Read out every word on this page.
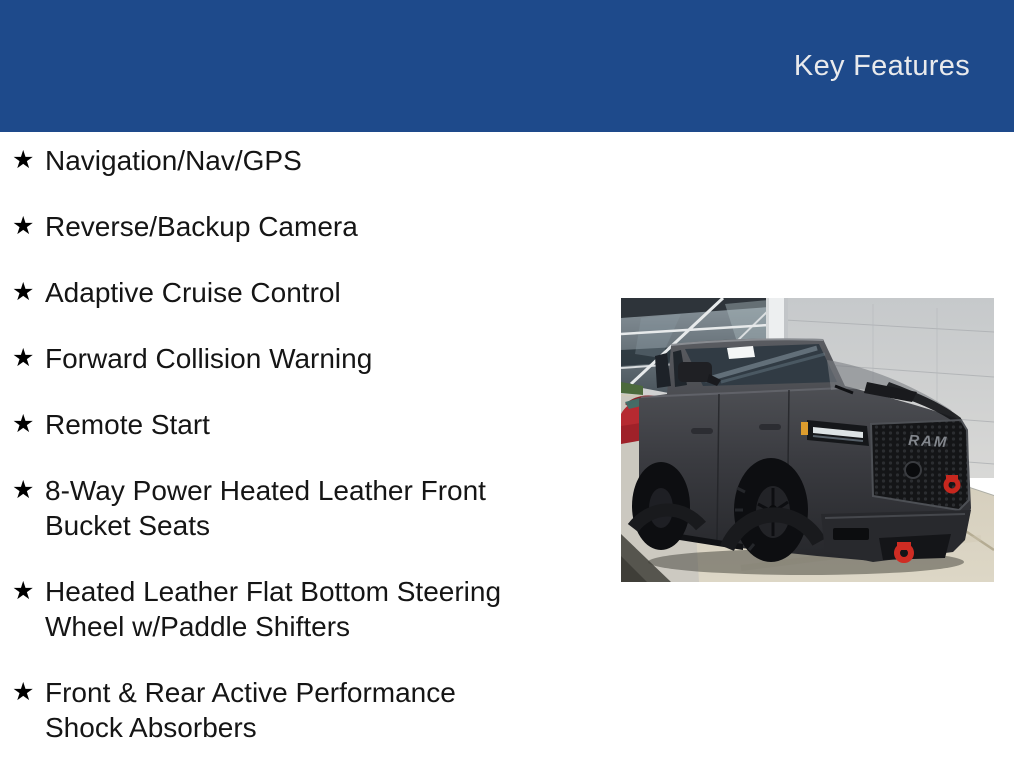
Key Features
★ Navigation/Nav/GPS
★ Reverse/Backup Camera
★ Adaptive Cruise Control
★ Forward Collision Warning
★ Remote Start
★ 8-Way Power Heated Leather Front Bucket Seats
★ Heated Leather Flat Bottom Steering Wheel w/Paddle Shifters
★ Front & Rear Active Performance Shock Absorbers
RAM
